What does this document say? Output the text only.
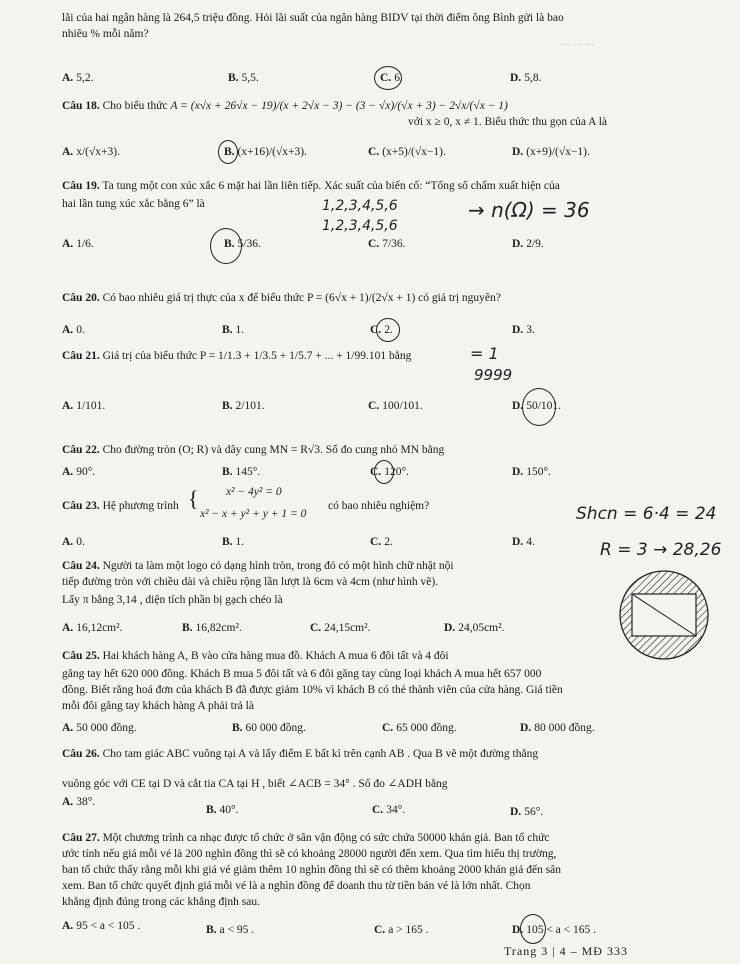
··· ··· ···
lãi của hai ngân hàng là 264,5 triệu đồng. Hỏi lãi suất của ngân hàng BIDV tại thời điểm ông Bình gửi là bao
nhiêu % mỗi năm?
A. 5,2.	B. 5,5.	C. 6.	D. 5,8.
Câu 18. Cho biểu thức A = (x√x + 26√x − 19)/(x + 2√x − 3) − (3 − √x)/(√x + 3) − 2√x/(√x − 1)
với x ≥ 0, x ≠ 1. Biểu thức thu gọn của A là
A. x/(√x+3).	B. (x+16)/(√x+3).	C. (x+5)/(√x−1).	D. (x+9)/(√x−1).
Câu 19. Ta tung một con xúc xắc 6 mặt hai lần liên tiếp. Xác suất của biến cố: “Tổng số chấm xuất hiện của
hai lần tung xúc xắc bằng 6” là	1,2,3,4,5,6
1,2,3,4,5,6
→ n(Ω) = 36
A. 1/6.	B. 5/36.	C. 7/36.	D. 2/9.
Câu 20. Có bao nhiêu giá trị thực của x để biểu thức P = (6√x + 1)/(2√x + 1) có giá trị nguyên?
A. 0.	B. 1.	C. 2.	D. 3.
Câu 21. Giá trị của biểu thức P = 1/1.3 + 1/3.5 + 1/5.7 + ... + 1/99.101 bằng	= 1
9999
A. 1/101.	B. 2/101.	C. 100/101.	D. 50/101.
Câu 22. Cho đường tròn (O; R) và dây cung MN = R√3. Số đo cung nhỏ MN bằng
A. 90°.	B. 145°.	C. 120°.	D. 150°.
Câu 23. Hệ phương trình { x² − 4y² = 0
x² − x + y² + y + 1 = 0
có bao nhiêu nghiệm?	Shcn = 6·4 = 24
A. 0.	B. 1.	C. 2.	D. 4.	R = 3 → 28,26
Câu 24. Người ta làm một logo có dạng hình tròn, trong đó có một hình chữ nhật nội
tiếp đường tròn với chiều dài và chiều rộng lần lượt là 6cm và 4cm (như hình vẽ).
Lấy π bằng 3,14 , diện tích phần bị gạch chéo là
A. 16,12cm².	B. 16,82cm².	C. 24,15cm².	D. 24,05cm².
Câu 25. Hai khách hàng A, B vào cửa hàng mua đồ. Khách A mua 6 đôi tất và 4 đôi
găng tay hết 620 000 đồng. Khách B mua 5 đôi tất và 6 đôi găng tay cùng loại khách A mua hết 657 000
đồng. Biết rằng hoá đơn của khách B đã được giảm 10% vì khách B có thẻ thành viên của cửa hàng. Giá tiền
mỗi đôi găng tay khách hàng A phải trả là
A. 50 000 đồng.	B. 60 000 đồng.	C. 65 000 đồng.	D. 80 000 đồng.
Câu 26. Cho tam giác ABC vuông tại A và lấy điểm E bất kì trên cạnh AB . Qua B vẽ một đường thẳng
vuông góc với CE tại D và cắt tia CA tại H , biết ∠ACB = 34° . Số đo ∠ADH bằng
A. 38°.
B. 40°.	C. 34°.	D. 56°.
Câu 27. Một chương trình ca nhạc được tổ chức ở sân vận động có sức chứa 50000 khán giả. Ban tổ chức
ước tính nếu giá mỗi vé là 200 nghìn đồng thì sẽ có khoảng 28000 người đến xem. Qua tìm hiểu thị trường,
ban tổ chức thấy rằng mỗi khi giá vé giảm thêm 10 nghìn đồng thì sẽ có thêm khoảng 2000 khán giả đến sân
xem. Ban tổ chức quyết định giá mỗi vé là a nghìn đồng để doanh thu từ tiền bán vé là lớn nhất. Chọn
khẳng định đúng trong các khẳng định sau.
A. 95 < a < 105 .	B. a < 95 .	C. a > 165 .	D. 105 < a < 165 .
Trang 3 | 4 – MĐ 333
